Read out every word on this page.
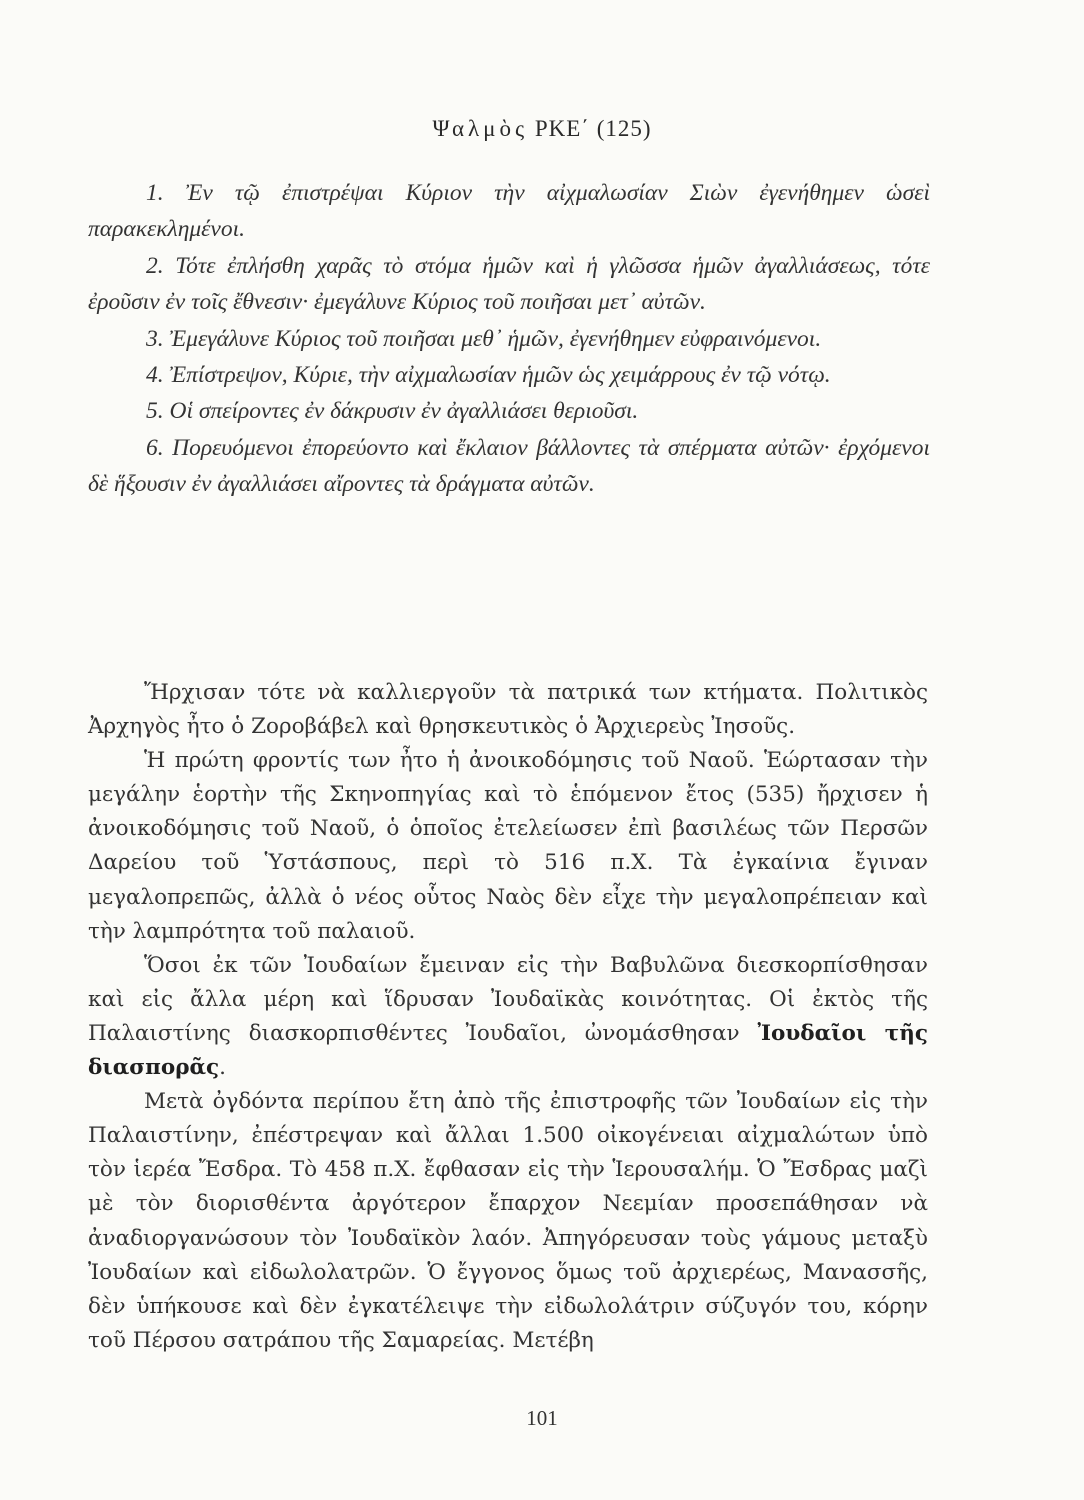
Ψαλμὸς ΡΚΕ΄ (125)

1. Ἐν τῷ ἐπιστρέψαι Κύριον τὴν αἰχμαλωσίαν Σιὼν ἐγενήθημεν ὡσεὶ παρακεκλημένοι.

2. Τότε ἐπλήσθη χαρᾶς τὸ στόμα ἡμῶν καὶ ἡ γλῶσσα ἡμῶν ἀγαλλιάσεως, τότε ἐροῦσιν ἐν τοῖς ἔθνεσιν· ἐμεγάλυνε Κύριος τοῦ ποιῆσαι μετ᾽ αὐτῶν.

3. Ἐμεγάλυνε Κύριος τοῦ ποιῆσαι μεθ᾽ ἡμῶν, ἐγενήθημεν εὐφραινόμενοι.

4. Ἐπίστρεψον, Κύριε, τὴν αἰχμαλωσίαν ἡμῶν ὡς χειμάρρους ἐν τῷ νότῳ.

5. Οἱ σπείροντες ἐν δάκρυσιν ἐν ἀγαλλιάσει θεριοῦσι.

6. Πορευόμενοι ἐπορεύοντο καὶ ἔκλαιον βάλλοντες τὰ σπέρματα αὐτῶν· ἐρχόμενοι δὲ ἥξουσιν ἐν ἀγαλλιάσει αἴροντες τὰ δράγματα αὐτῶν.

Ἤρχισαν τότε νὰ καλλιεργοῦν τὰ πατρικά των κτήματα. Πολιτικὸς Ἀρχηγὸς ἦτο ὁ Ζοροβάβελ καὶ θρησκευτικὸς ὁ Ἀρχιερεὺς Ἰησοῦς.

Ἡ πρώτη φροντίς των ἦτο ἡ ἀνοικοδόμησις τοῦ Ναοῦ. Ἑώρτασαν τὴν μεγάλην ἑορτὴν τῆς Σκηνοπηγίας καὶ τὸ ἑπόμενον ἔτος (535) ἤρχισεν ἡ ἀνοικοδόμησις τοῦ Ναοῦ, ὁ ὁποῖος ἐτελείωσεν ἐπὶ βασιλέως τῶν Περσῶν Δαρείου τοῦ Ὑστάσπους, περὶ τὸ 516 π.Χ. Τὰ ἐγκαίνια ἔγιναν μεγαλοπρεπῶς, ἀλλὰ ὁ νέος οὗτος Ναὸς δὲν εἶχε τὴν μεγαλοπρέπειαν καὶ τὴν λαμπρότητα τοῦ παλαιοῦ.

Ὅσοι ἐκ τῶν Ἰουδαίων ἔμειναν εἰς τὴν Βαβυλῶνα διεσκορπίσθησαν καὶ εἰς ἄλλα μέρη καὶ ἵδρυσαν Ἰουδαϊκὰς κοινότητας. Οἱ ἐκτὸς τῆς Παλαιστίνης διασκορπισθέντες Ἰουδαῖοι, ὠνομάσθησαν Ἰουδαῖοι τῆς διασπορᾶς.

Μετὰ ὀγδόντα περίπου ἔτη ἀπὸ τῆς ἐπιστροφῆς τῶν Ἰουδαίων εἰς τὴν Παλαιστίνην, ἐπέστρεψαν καὶ ἄλλαι 1.500 οἰκογένειαι αἰχμαλώτων ὑπὸ τὸν ἱερέα Ἔσδρα. Τὸ 458 π.Χ. ἔφθασαν εἰς τὴν Ἱερουσαλήμ. Ὁ Ἔσδρας μαζὶ μὲ τὸν διορισθέντα ἀργότερον ἔπαρχον Νεεμίαν προσεπάθησαν νὰ ἀναδιοργανώσουν τὸν Ἰουδαϊκὸν λαόν. Ἀπηγόρευσαν τοὺς γάμους μεταξὺ Ἰουδαίων καὶ εἰδωλολατρῶν. Ὁ ἔγγονος ὅμως τοῦ ἀρχιερέως, Μανασσῆς, δὲν ὑπήκουσε καὶ δὲν ἐγκατέλειψε τὴν εἰδωλολάτριν σύζυγόν του, κόρην τοῦ Πέρσου σατράπου τῆς Σαμαρείας. Μετέβη

101
